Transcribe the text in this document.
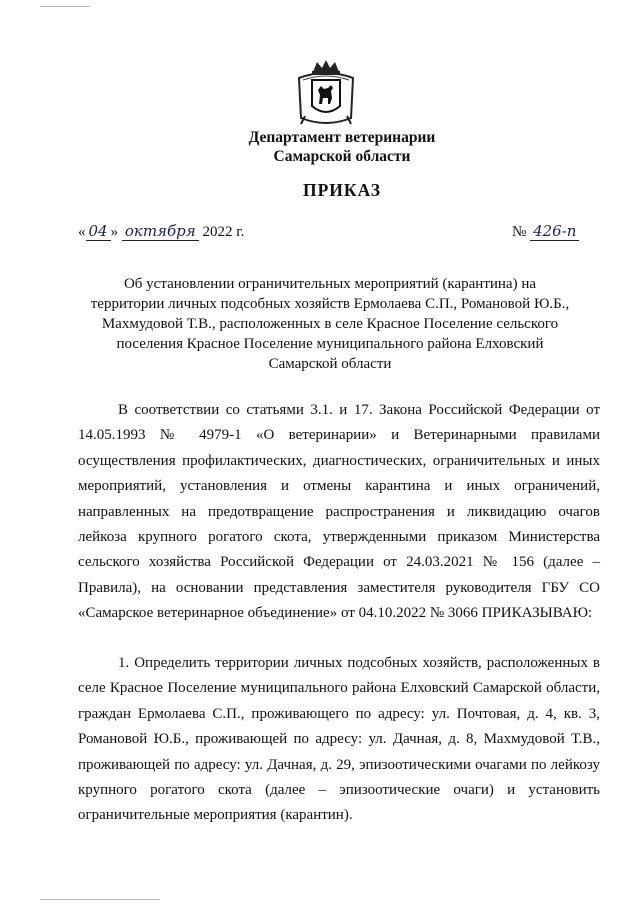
Департамент ветеринарии
Самарской области
ПРИКАЗ
« 04 » октября 2022 г.	№ 426-п
Об установлении ограничительных мероприятий (карантина) на территории личных подсобных хозяйств Ермолаева С.П., Романовой Ю.Б., Махмудовой Т.В., расположенных в селе Красное Поселение сельского поселения Красное Поселение муниципального района Елховский Самарской области
В соответствии со статьями 3.1. и 17. Закона Российской Федерации от 14.05.1993 № 4979-1 «О ветеринарии» и Ветеринарными правилами осуществления профилактических, диагностических, ограничительных и иных мероприятий, установления и отмены карантина и иных ограничений, направленных на предотвращение распространения и ликвидацию очагов лейкоза крупного рогатого скота, утвержденными приказом Министерства сельского хозяйства Российской Федерации от 24.03.2021 № 156 (далее – Правила), на основании представления заместителя руководителя ГБУ СО «Самарское ветеринарное объединение» от 04.10.2022 № 3066 ПРИКАЗЫВАЮ:
1. Определить территории личных подсобных хозяйств, расположенных в селе Красное Поселение муниципального района Елховский Самарской области, граждан Ермолаева С.П., проживающего по адресу: ул. Почтовая, д. 4, кв. 3, Романовой Ю.Б., проживающей по адресу: ул. Дачная, д. 8, Махмудовой Т.В., проживающей по адресу: ул. Дачная, д. 29, эпизоотическими очагами по лейкозу крупного рогатого скота (далее – эпизоотические очаги) и установить ограничительные мероприятия (карантин).
